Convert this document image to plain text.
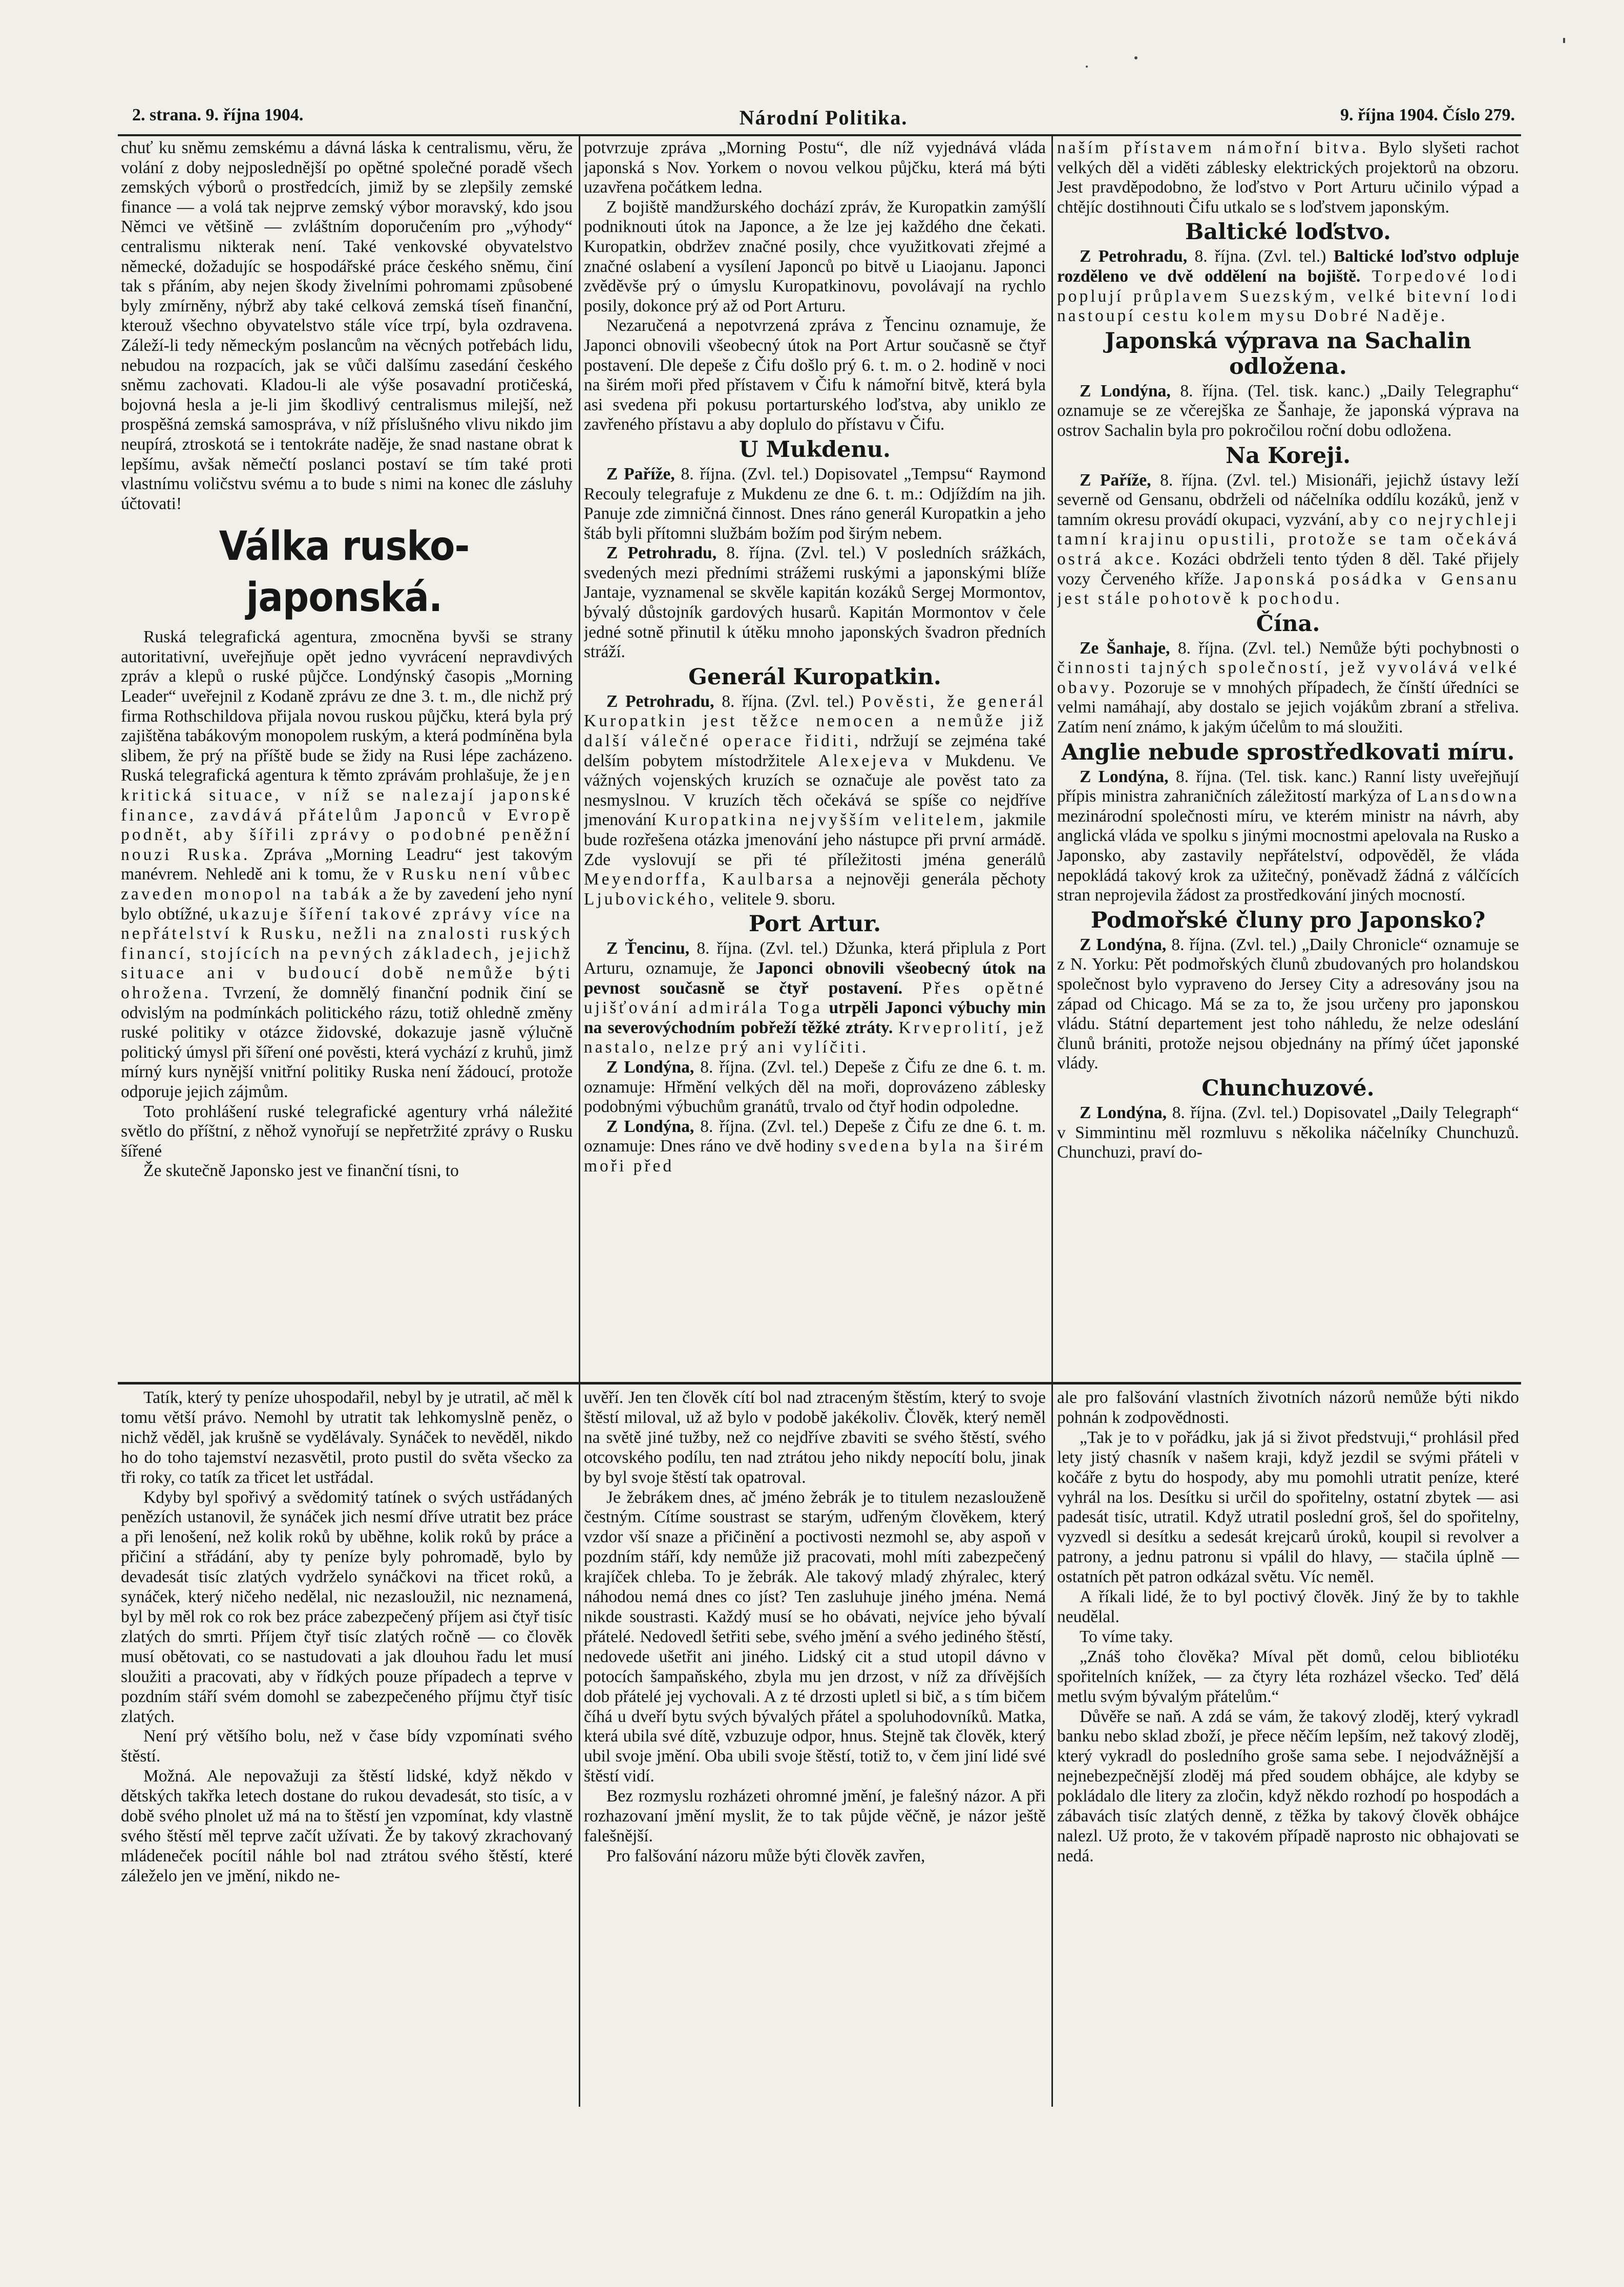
2. strana. 9. října 1904.	Národní Politika.	9. října 1904. Číslo 279.

chuť ku sněmu zemskému a dávná láska k centralismu, věru, že volání z doby nejposlednější po opětné společné poradě všech zemských výborů o prostředcích, jimiž by se zlepšily zemské finance — a volá tak nejprve zemský výbor moravský, kdo jsou Němci ve většině — zvláštním doporučením pro „výhody“ centralismu nikterak není. Také venkovské obyvatelstvo německé, dožadujíc se hospodářské práce českého sněmu, činí tak s přáním, aby nejen škody živelními pohromami způsobené byly zmírněny, nýbrž aby také celková zemská tíseň finanční, kterouž všechno obyvatelstvo stále více trpí, byla ozdravena. Záleží-li tedy německým poslancům na věcných potřebách lidu, nebudou na rozpacích, jak se vůči dalšímu zasedání českého sněmu zachovati. Kladou-li ale výše posavadní protičeská, bojovná hesla a je-li jim škodlivý centralismus milejší, než prospěšná zemská samospráva, v níž příslušného vlivu nikdo jim neupírá, ztroskotá se i tentokráte naděje, že snad nastane obrat k lepšímu, avšak němečtí poslanci postaví se tím také proti vlastnímu voličstvu svému a to bude s nimi na konec dle zásluhy účtovati!

Válka rusko-japonská.

Ruská telegrafická agentura, zmocněna byvši se strany autoritativní, uveřejňuje opět jedno vyvrácení nepravdivých zpráv a klepů o ruské půjčce. Londýnský časopis „Morning Leader“ uveřejnil z Kodaně zprávu ze dne 3. t. m., dle nichž prý firma Rothschildova přijala novou ruskou půjčku, která byla prý zajištěna tabákovým monopolem ruským, a která podmíněna byla slibem, že prý na příště bude se židy na Rusi lépe zacházeno. Ruská telegrafická agentura k těmto zprávám prohlašuje, že jen kritická situace, v níž se nalezají japonské finance, zavdává přátelům Japonců v Evropě podnět, aby šířili zprávy o podobné peněžní nouzi Ruska. Zpráva „Morning Leadru“ jest takovým manévrem. Nehledě ani k tomu, že v Rusku není vůbec zaveden monopol na tabák a že by zavedení jeho nyní bylo obtížné, ukazuje šíření takové zprávy více na nepřátelství k Rusku, nežli na znalosti ruských financí, stojících na pevných základech, jejichž situace ani v budoucí době nemůže býti ohrožena. Tvrzení, že domnělý finanční podnik činí se odvislým na podmínkách politického rázu, totiž ohledně změny ruské politiky v otázce židovské, dokazuje jasně výlučně politický úmysl při šíření oné pověsti, která vychází z kruhů, jimž mírný kurs nynější vnitřní politiky Ruska není žádoucí, protože odporuje jejich zájmům.

Toto prohlášení ruské telegrafické agentury vrhá náležité světlo do příštní, z něhož vynořují se nepřetržité zprávy o Rusku šířené

Že skutečně Japonsko jest ve finanční tísni, to

potvrzuje zpráva „Morning Postu“, dle níž vyjednává vláda japonská s Nov. Yorkem o novou velkou půjčku, která má býti uzavřena počátkem ledna.

Z bojiště mandžurského dochází zpráv, že Kuropatkin zamýšlí podniknouti útok na Japonce, a že lze jej každého dne čekati. Kuropatkin, obdržev značné posily, chce využitkovati zřejmé a značné oslabení a vysílení Japonců po bitvě u Liaojanu. Japonci zvěděvše prý o úmyslu Kuropatkinovu, povolávají na rychlo posily, dokonce prý až od Port Arturu.

Nezaručená a nepotvrzená zpráva z Ťencinu oznamuje, že Japonci obnovili všeobecný útok na Port Artur současně se čtyř postavení. Dle depeše z Čifu došlo prý 6. t. m. o 2. hodině v noci na širém moři před přístavem v Čifu k námořní bitvě, která byla asi svedena při pokusu portarturského loďstva, aby uniklo ze zavřeného přístavu a aby doplulo do přístavu v Čifu.

U Mukdenu.

Z Paříže, 8. října. (Zvl. tel.) Dopisovatel „Tempsu“ Raymond Recouly telegrafuje z Mukdenu ze dne 6. t. m.: Odjíždím na jih. Panuje zde zimničná činnost. Dnes ráno generál Kuropatkin a jeho štáb byli přítomni službám božím pod širým nebem.

Z Petrohradu, 8. října. (Zvl. tel.) V posledních srážkách, svedených mezi předními strážemi ruskými a japonskými blíže Jantaje, vyznamenal se skvěle kapitán kozáků Sergej Mormontov, bývalý důstojník gardových husarů. Kapitán Mormontov v čele jedné sotně přinutil k útěku mnoho japonských švadron předních stráží.

Generál Kuropatkin.

Z Petrohradu, 8. října. (Zvl. tel.) Pověsti, že generál Kuropatkin jest těžce nemocen a nemůže již další válečné operace řiditi, ndržují se zejména také delším pobytem místodržitele Alexejeva v Mukdenu. Ve vážných vojenských kruzích se označuje ale pověst tato za nesmyslnou. V kruzích těch očekává se spíše co nejdříve jmenování Kuropatkina nejvyšším velitelem, jakmile bude rozřešena otázka jmenování jeho nástupce při první armádě. Zde vyslovují se při té příležitosti jména generálů Meyendorffa, Kaulbarsa a nejnověji generála pěchoty Ljubovického, velitele 9. sboru.

Port Artur.

Z Ťencinu, 8. října. (Zvl. tel.) Džunka, která připlula z Port Arturu, oznamuje, že Japonci obnovili všeobecný útok na pevnost současně se čtyř postavení. Přes opětné ujišťování admirála Toga utrpěli Japonci výbuchy min na severovýchodním pobřeží těžké ztráty. Krveprolití, jež nastalo, nelze prý ani vylíčiti.

Z Londýna, 8. října. (Zvl. tel.) Depeše z Čifu ze dne 6. t. m. oznamuje: Hřmění velkých děl na moři, doprovázeno záblesky podobnými výbuchům granátů, trvalo od čtyř hodin odpoledne.

Z Londýna, 8. října. (Zvl. tel.) Depeše z Čifu ze dne 6. t. m. oznamuje: Dnes ráno ve dvě hodiny svedena byla na širém moři před

naším přístavem námořní bitva. Bylo slyšeti rachot velkých děl a viděti záblesky elektrických projektorů na obzoru. Jest pravděpodobno, že loďstvo v Port Arturu učinilo výpad a chtějíc dostihnouti Čifu utkalo se s loďstvem japonským.

Baltické loďstvo.

Z Petrohradu, 8. října. (Zvl. tel.) Baltické loďstvo odpluje rozděleno ve dvě oddělení na bojiště. Torpedové lodi poplují průplavem Suezským, velké bitevní lodi nastoupí cestu kolem mysu Dobré Naděje.

Japonská výprava na Sachalin odložena.

Z Londýna, 8. října. (Tel. tisk. kanc.) „Daily Telegraphu“ oznamuje se ze včerejška ze Šanhaje, že japonská výprava na ostrov Sachalin byla pro pokročilou roční dobu odložena.

Na Koreji.

Z Paříže, 8. října. (Zvl. tel.) Misionáři, jejichž ústavy leží severně od Gensanu, obdrželi od náčelníka oddílu kozáků, jenž v tamním okresu provádí okupaci, vyzvání, aby co nejrychleji tamní krajinu opustili, protože se tam očekává ostrá akce. Kozáci obdrželi tento týden 8 děl. Také přijely vozy Červeného kříže. Japonská posádka v Gensanu jest stále pohotově k pochodu.

Čína.

Ze Šanhaje, 8. října. (Zvl. tel.) Nemůže býti pochybnosti o činnosti tajných společností, jež vyvolává velké obavy. Pozoruje se v mnohých případech, že čínští úředníci se velmi namáhají, aby dostalo se jejich vojákům zbraní a střeliva. Zatím není známo, k jakým účelům to má sloužiti.

Anglie nebude sprostředkovati míru.

Z Londýna, 8. října. (Tel. tisk. kanc.) Ranní listy uveřejňují přípis ministra zahraničních záležitostí markýza of Lansdowna mezinárodní společnosti míru, ve kterém ministr na návrh, aby anglická vláda ve spolku s jinými mocnostmi apelovala na Rusko a Japonsko, aby zastavily nepřátelství, odpověděl, že vláda nepokládá takový krok za užitečný, poněvadž žádná z válčících stran neprojevila žádost za prostředkování jiných mocností.

Podmořské čluny pro Japonsko?

Z Londýna, 8. října. (Zvl. tel.) „Daily Chronicle“ oznamuje se z N. Yorku: Pět podmořských člunů zbudovaných pro holandskou společnost bylo vypraveno do Jersey City a adresovány jsou na západ od Chicago. Má se za to, že jsou určeny pro japonskou vládu. Státní departement jest toho náhledu, že nelze odeslání člunů brániti, protože nejsou objednány na přímý účet japonské vlády.

Chunchuzové.

Z Londýna, 8. října. (Zvl. tel.) Dopisovatel „Daily Telegraph“ v Simmintinu měl rozmluvu s několika náčelníky Chunchuzů. Chunchuzi, praví do-

Tatík, který ty peníze uhospodařil, nebyl by je utratil, ač měl k tomu větší právo. Nemohl by utratit tak lehkomyslně peněz, o nichž věděl, jak krušně se vydělávaly. Synáček to nevěděl, nikdo ho do toho tajemství nezasvětil, proto pustil do světa všecko za tři roky, co tatík za třicet let ustřádal.

Kdyby byl spořivý a svědomitý tatínek o svých ustřádaných penězích ustanovil, že synáček jich nesmí dříve utratit bez práce a při lenošení, než kolik roků by uběhne, kolik roků by práce a přičiní a střádání, aby ty peníze byly pohromadě, bylo by devadesát tisíc zlatých vydrželo synáčkovi na třicet roků, a synáček, který ničeho nedělal, nic nezasloužil, nic neznamená, byl by měl rok co rok bez práce zabezpečený příjem asi čtyř tisíc zlatých do smrti. Příjem čtyř tisíc zlatých ročně — co člověk musí obětovati, co se nastudovati a jak dlouhou řadu let musí sloužiti a pracovati, aby v řídkých pouze případech a teprve v pozdním stáří svém domohl se zabezpečeného příjmu čtyř tisíc zlatých.

Není prý většího bolu, než v čase bídy vzpomínati svého štěstí.

Možná. Ale nepovažuji za štěstí lidské, když někdo v dětských takřka letech dostane do rukou devadesát, sto tisíc, a v době svého plnolet už má na to štěstí jen vzpomínat, kdy vlastně svého štěstí měl teprve začít užívati. Že by takový zkrachovaný mládeneček pocítil náhle bol nad ztrátou svého štěstí, které záleželo jen ve jmění, nikdo ne-

uvěří. Jen ten člověk cítí bol nad ztraceným štěstím, který to svoje štěstí miloval, už až bylo v podobě jakékoliv. Člověk, který neměl na světě jiné tužby, než co nejdříve zbaviti se svého štěstí, svého otcovského podílu, ten nad ztrátou jeho nikdy nepocítí bolu, jinak by byl svoje štěstí tak opatroval.

Je žebrákem dnes, ač jméno žebrák je to titulem nezaslouženě čestným. Cítíme soustrast se starým, udřeným člověkem, který vzdor vší snaze a přičinění a poctivosti nezmohl se, aby aspoň v pozdním stáří, kdy nemůže již pracovati, mohl míti zabezpečený krajíček chleba. To je žebrák. Ale takový mladý zhýralec, který náhodou nemá dnes co jíst? Ten zasluhuje jiného jména. Nemá nikde soustrasti. Každý musí se ho obávati, nejvíce jeho bývalí přátelé. Nedovedl šetřiti sebe, svého jmění a svého jediného štěstí, nedovede ušetřit ani jiného. Lidský cit a stud utopil dávno v potocích šampaňského, zbyla mu jen drzost, v níž za dřívějších dob přátelé jej vychovali. A z té drzosti upletl si bič, a s tím bičem číhá u dveří bytu svých bývalých přátel a spoluhodovníků. Matka, která ubila své dítě, vzbuzuje odpor, hnus. Stejně tak člověk, který ubil svoje jmění. Oba ubili svoje štěstí, totiž to, v čem jiní lidé své štěstí vidí.

Bez rozmyslu rozházeti ohromné jmění, je falešný názor. A při rozhazovaní jmění myslit, že to tak půjde věčně, je názor ještě falešnější.

Pro falšování názoru může býti člověk zavřen,

ale pro falšování vlastních životních názorů nemůže býti nikdo pohnán k zodpovědnosti.

„Tak je to v pořádku, jak já si život předstvuji,“ prohlásil před lety jistý chasník v našem kraji, když jezdil se svými přáteli v kočáře z bytu do hospody, aby mu pomohli utratit peníze, které vyhrál na los. Desítku si určil do spořitelny, ostatní zbytek — asi padesát tisíc, utratil. Když utratil poslední groš, šel do spořitelny, vyzvedl si desítku a sedesát krejcarů úroků, koupil si revolver a patrony, a jednu patronu si vpálil do hlavy, — stačila úplně — ostatních pět patron odkázal světu. Víc neměl.

A říkali lidé, že to byl poctivý člověk. Jiný že by to takhle neudělal.

To víme taky.

„Znáš toho člověka? Míval pět domů, celou bibliotéku spořitelních knížek, — za čtyry léta rozházel všecko. Teď dělá metlu svým bývalým přátelům.“

Důvěře se naň. A zdá se vám, že takový zloděj, který vykradl banku nebo sklad zboží, je přece něčím lepším, než takový zloděj, který vykradl do posledního groše sama sebe. I nejodvážnější a nejnebezpečnější zloděj má před soudem obhájce, ale kdyby se pokládalo dle litery za zločin, když někdo rozhodí po hospodách a zábavách tisíc zlatých denně, z těžka by takový člověk obhájce nalezl. Už proto, že v takovém případě naprosto nic obhajovati se nedá.
